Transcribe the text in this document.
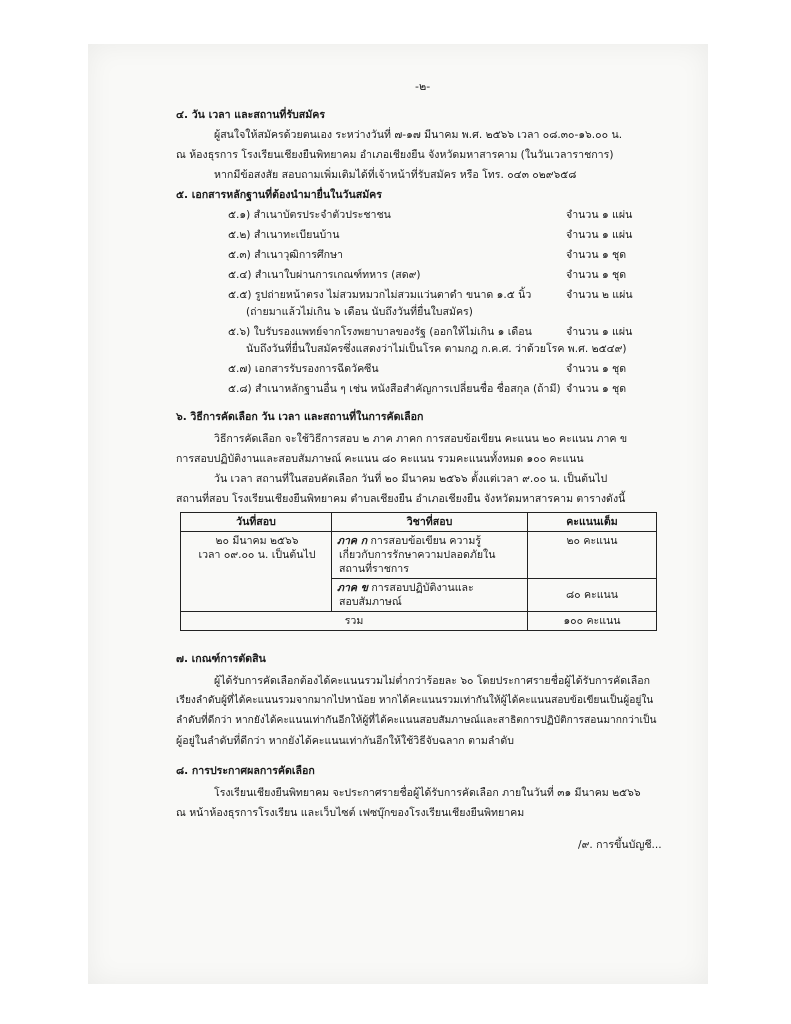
-๒-
๔. วัน เวลา และสถานที่รับสมัคร
ผู้สนใจให้สมัครด้วยตนเอง ระหว่างวันที่ ๗-๑๗ มีนาคม พ.ศ. ๒๕๖๖ เวลา ๐๘.๓๐-๑๖.๐๐ น.
ณ ห้องธุรการ โรงเรียนเชียงยืนพิทยาคม อำเภอเชียงยืน จังหวัดมหาสารคาม (ในวันเวลาราชการ)
หากมีข้อสงสัย สอบถามเพิ่มเติมได้ที่เจ้าหน้าที่รับสมัคร หรือ โทร. ๐๔๓ ๐๒๙๖๕๘
๕. เอกสารหลักฐานที่ต้องนำมายื่นในวันสมัคร
๕.๑) สำเนาบัตรประจำตัวประชาชน	จำนวน ๑ แผ่น
๕.๒) สำเนาทะเบียนบ้าน	จำนวน ๑ แผ่น
๕.๓) สำเนาวุฒิการศึกษา	จำนวน ๑ ชุด
๕.๔) สำเนาใบผ่านการเกณฑ์ทหาร (สด๙)	จำนวน ๑ ชุด
๕.๕) รูปถ่ายหน้าตรง ไม่สวมหมวกไม่สวมแว่นตาดำ ขนาด ๑.๕ นิ้ว	จำนวน ๒ แผ่น
(ถ่ายมาแล้วไม่เกิน ๖ เดือน นับถึงวันที่ยื่นใบสมัคร)
๕.๖) ใบรับรองแพทย์จากโรงพยาบาลของรัฐ (ออกให้ไม่เกิน ๑ เดือน	จำนวน ๑ แผ่น
นับถึงวันที่ยื่นใบสมัครซึ่งแสดงว่าไม่เป็นโรค ตามกฎ ก.ค.ศ. ว่าด้วยโรค พ.ศ. ๒๕๔๙)
๕.๗) เอกสารรับรองการฉีดวัคซีน	จำนวน ๑ ชุด
๕.๘) สำเนาหลักฐานอื่น ๆ เช่น หนังสือสำคัญการเปลี่ยนชื่อ ชื่อสกุล (ถ้ามี) จำนวน ๑ ชุด
๖. วิธีการคัดเลือก วัน เวลา และสถานที่ในการคัดเลือก
วิธีการคัดเลือก จะใช้วิธีการสอบ ๒ ภาค ภาคก การสอบข้อเขียน คะแนน ๒๐ คะแนน ภาค ข
การสอบปฏิบัติงานและสอบสัมภาษณ์ คะแนน ๘๐ คะแนน รวมคะแนนทั้งหมด ๑๐๐ คะแนน
วัน เวลา สถานที่ในสอบคัดเลือก วันที่ ๒๐ มีนาคม ๒๕๖๖ ตั้งแต่เวลา ๙.๐๐ น. เป็นต้นไป
สถานที่สอบ โรงเรียนเชียงยืนพิทยาคม ตำบลเชียงยืน อำเภอเชียงยืน จังหวัดมหาสารคาม ตารางดังนี้
วันที่สอบ	วิชาที่สอบ	คะแนนเต็ม

๒๐ มีนาคม ๒๕๖๖
เวลา ๐๙.๐๐ น. เป็นต้นไป	ภาค ก การสอบข้อเขียน ความรู้
เกี่ยวกับการรักษาความปลอดภัยใน
สถานที่ราชการ	๒๐ คะแนน
	ภาค ข การสอบปฏิบัติงานและ
สอบสัมภาษณ์	๘๐ คะแนน
รวม		๑๐๐ คะแนน
๗. เกณฑ์การตัดสิน
ผู้ได้รับการคัดเลือกต้องได้คะแนนรวมไม่ต่ำกว่าร้อยละ ๖๐ โดยประกาศรายชื่อผู้ได้รับการคัดเลือก
เรียงลำดับผู้ที่ได้คะแนนรวมจากมากไปหาน้อย หากได้คะแนนรวมเท่ากันให้ผู้ได้คะแนนสอบข้อเขียนเป็นผู้อยู่ใน
ลำดับที่ดีกว่า หากยังได้คะแนนเท่ากันอีกให้ผู้ที่ได้คะแนนสอบสัมภาษณ์และสาธิตการปฏิบัติการสอนมากกว่าเป็น
ผู้อยู่ในลำดับที่ดีกว่า หากยังได้คะแนนเท่ากันอีกให้ใช้วิธีจับฉลาก ตามลำดับ
๘. การประกาศผลการคัดเลือก
โรงเรียนเชียงยืนพิทยาคม จะประกาศรายชื่อผู้ได้รับการคัดเลือก ภายในวันที่ ๓๑ มีนาคม ๒๕๖๖
ณ หน้าห้องธุรการโรงเรียน และเว็บไซต์ เฟซบุ๊กของโรงเรียนเชียงยืนพิทยาคม
/๙. การขึ้นบัญชี...
